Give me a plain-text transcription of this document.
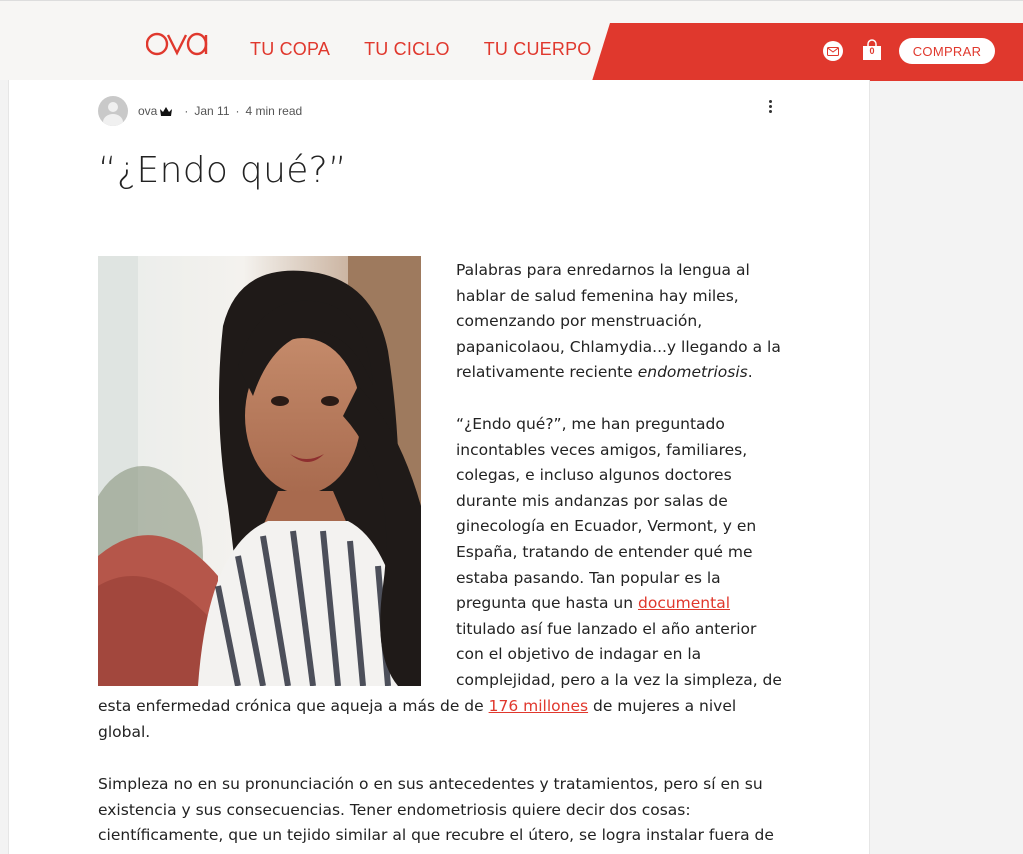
TU COPA TU CICLO TU CUERPO	0	COMPRAR
ova · Jan 11 · 4 min read
“¿Endo qué?”

Palabras para enredarnos la lengua al
hablar de salud femenina hay miles,
comenzando por menstruación,
papanicolaou, Chlamydia...y llegando a la
relativamente reciente endometriosis.

“¿Endo qué?”, me han preguntado
incontables veces amigos, familiares,
colegas, e incluso algunos doctores
durante mis andanzas por salas de
ginecología en Ecuador, Vermont, y en
España, tratando de entender qué me
estaba pasando. Tan popular es la
pregunta que hasta un documental
titulado así fue lanzado el año anterior
con el objetivo de indagar en la
complejidad, pero a la vez la simpleza, de

esta enfermedad crónica que aqueja a más de de 176 millones de mujeres a nivel
global.

Simpleza no en su pronunciación o en sus antecedentes y tratamientos, pero sí en su
existencia y sus consecuencias. Tener endometriosis quiere decir dos cosas:
científicamente, que un tejido similar al que recubre el útero, se logra instalar fuera de
